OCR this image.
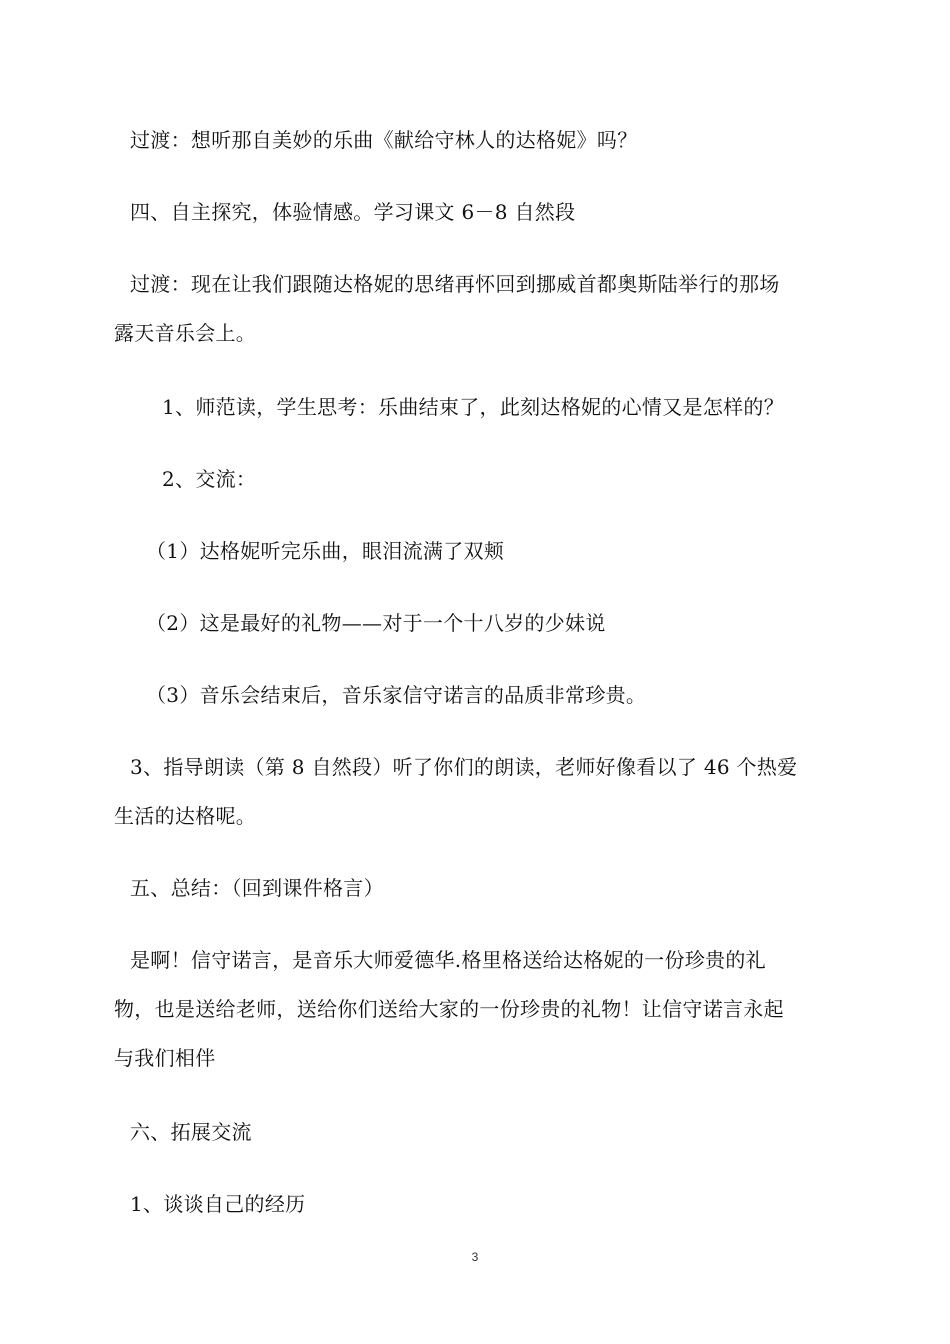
过渡：想听那自美妙的乐曲《献给守林人的达格妮》吗？
四、自主探究，体验情感。学习课文 6－8 自然段
过渡：现在让我们跟随达格妮的思绪再怀回到挪威首都奥斯陆举行的那场
露天音乐会上。
1、师范读，学生思考：乐曲结束了，此刻达格妮的心情又是怎样的？
2、交流：
（1）达格妮听完乐曲，眼泪流满了双颊
（2）这是最好的礼物——对于一个十八岁的少妹说
（3）音乐会结束后，音乐家信守诺言的品质非常珍贵。
3、指导朗读（第 8 自然段）听了你们的朗读，老师好像看以了 46 个热爱
生活的达格呢。
五、总结：（回到课件格言）
是啊！信守诺言，是音乐大师爱德华.格里格送给达格妮的一份珍贵的礼
物，也是送给老师，送给你们送给大家的一份珍贵的礼物！让信守诺言永起
与我们相伴
六、拓展交流
1、谈谈自己的经历
3
